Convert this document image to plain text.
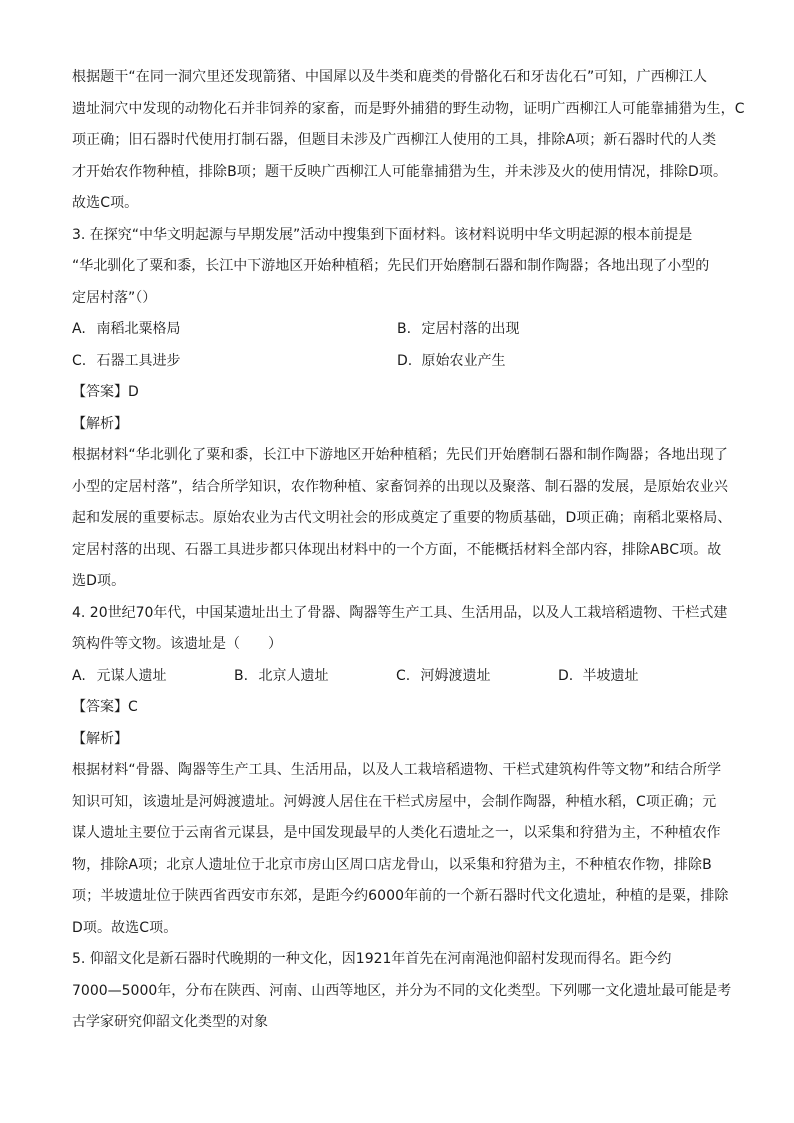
根据题干“在同一洞穴里还发现箭猪、中国犀以及牛类和鹿类的骨骼化石和牙齿化石”可知，广西柳江人
遗址洞穴中发现的动物化石并非饲养的家畜，而是野外捕猎的野生动物，证明广西柳江人可能靠捕猎为生，C
项正确；旧石器时代使用打制石器，但题目未涉及广西柳江人使用的工具，排除A项；新石器时代的人类
才开始农作物种植，排除B项；题干反映广西柳江人可能靠捕猎为生，并未涉及火的使用情况，排除D项。
故选C项。
3. 在探究“中华文明起源与早期发展”活动中搜集到下面材料。该材料说明中华文明起源的根本前提是
“华北驯化了粟和黍，长江中下游地区开始种植稻；先民们开始磨制石器和制作陶器；各地出现了小型的
定居村落”（）
A. 南稻北粟格局	B. 定居村落的出现
C. 石器工具进步	D. 原始农业产生
【答案】D
【解析】
根据材料“华北驯化了粟和黍，长江中下游地区开始种植稻；先民们开始磨制石器和制作陶器；各地出现了
小型的定居村落”，结合所学知识，农作物种植、家畜饲养的出现以及聚落、制石器的发展，是原始农业兴
起和发展的重要标志。原始农业为古代文明社会的形成奠定了重要的物质基础，D项正确；南稻北粟格局、
定居村落的出现、石器工具进步都只体现出材料中的一个方面，不能概括材料全部内容，排除ABC项。故
选D项。
4. 20世纪70年代，中国某遗址出土了骨器、陶器等生产工具、生活用品，以及人工栽培稻遗物、干栏式建
筑构件等文物。该遗址是（　　）
A. 元谋人遗址	B. 北京人遗址	C. 河姆渡遗址	D. 半坡遗址
【答案】C
【解析】
根据材料“骨器、陶器等生产工具、生活用品，以及人工栽培稻遗物、干栏式建筑构件等文物”和结合所学
知识可知，该遗址是河姆渡遗址。河姆渡人居住在干栏式房屋中，会制作陶器，种植水稻，C项正确；元
谋人遗址主要位于云南省元谋县，是中国发现最早的人类化石遗址之一，以采集和狩猎为主，不种植农作
物，排除A项；北京人遗址位于北京市房山区周口店龙骨山，以采集和狩猎为主，不种植农作物，排除B
项；半坡遗址位于陕西省西安市东郊，是距今约6000年前的一个新石器时代文化遗址，种植的是粟，排除
D项。故选C项。
5. 仰韶文化是新石器时代晚期的一种文化，因1921年首先在河南渑池仰韶村发现而得名。距今约
7000—5000年，分布在陕西、河南、山西等地区，并分为不同的文化类型。下列哪一文化遗址最可能是考
古学家研究仰韶文化类型的对象
